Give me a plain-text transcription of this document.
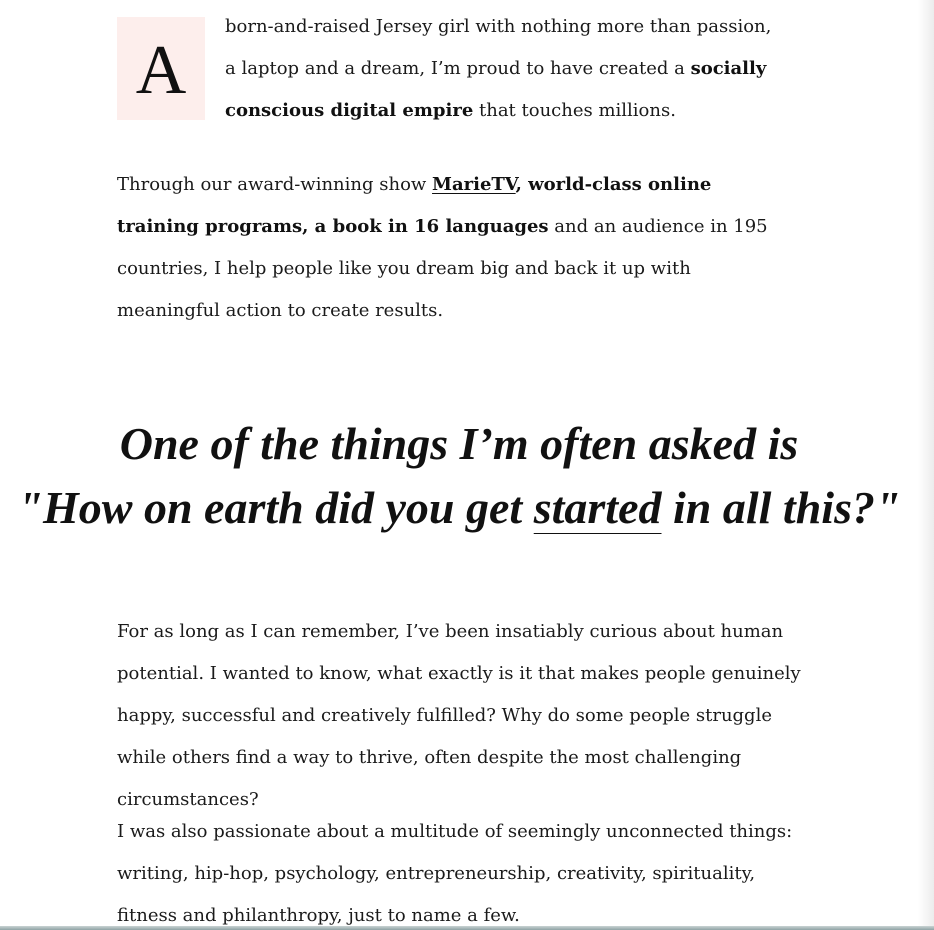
A

born-and-raised Jersey girl with nothing more than passion, a laptop and a dream, I’m proud to have created a socially conscious digital empire that touches millions.

Through our award-winning show MarieTV, world-class online training programs, a book in 16 languages and an audience in 195 countries, I help people like you dream big and back it up with meaningful action to create results.

For as long as I can remember, I’ve been insatiably curious about human potential. I wanted to know, what exactly is it that makes people genuinely happy, successful and creatively fulfilled? Why do some people struggle while others find a way to thrive, often despite the most challenging circumstances?

I was also passionate about a multitude of seemingly unconnected things: writing, hip-hop, psychology, entrepreneurship, creativity, spirituality, fitness and philanthropy, just to name a few.

One of the things I’m often asked is
"How on earth did you get started in all this?"
